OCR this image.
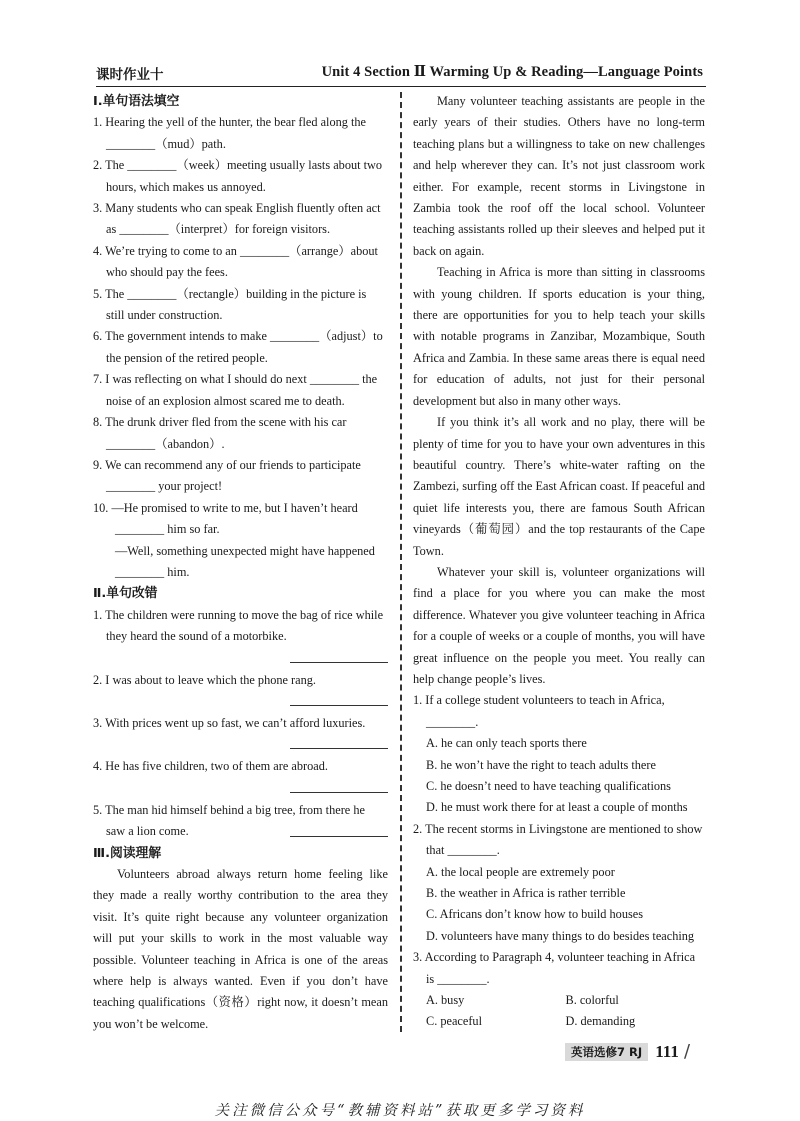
课时作业十	Unit 4 Section Ⅱ Warming Up & Reading—Language Points
Ⅰ.单句语法填空
1. Hearing the yell of the hunter, the bear fled along the
________（mud）path.
2. The ________（week）meeting usually lasts about two
hours, which makes us annoyed.
3. Many students who can speak English fluently often act
as ________（interpret）for foreign visitors.
4. We’re trying to come to an ________（arrange）about
who should pay the fees.
5. The ________（rectangle）building in the picture is
still under construction.
6. The government intends to make ________（adjust）to
the pension of the retired people.
7. I was reflecting on what I should do next ________ the
noise of an explosion almost scared me to death.
8. The drunk driver fled from the scene with his car
________（abandon）.
9. We can recommend any of our friends to participate
________ your project!
10. —He promised to write to me, but I haven’t heard
________ him so far.
—Well, something unexpected might have happened
________ him.
Ⅱ.单句改错
1. The children were running to move the bag of rice while
they heard the sound of a motorbike.
2. I was about to leave which the phone rang.
3. With prices went up so fast, we can’t afford luxuries.
4. He has five children, two of them are abroad.
5. The man hid himself behind a big tree, from there he
saw a lion come.
Ⅲ.阅读理解
Volunteers abroad always return home feeling like they made a really worthy contribution to the area they visit. It’s quite right because any volunteer organization will put your skills to work in the most valuable way possible. Volunteer teaching in Africa is one of the areas where help is always wanted. Even if you don’t have teaching qualifications（资格）right now, it doesn’t mean you won’t be welcome.
Many volunteer teaching assistants are people in the early years of their studies. Others have no long-term teaching plans but a willingness to take on new challenges and help wherever they can. It’s not just classroom work either. For example, recent storms in Livingstone in Zambia took the roof off the local school. Volunteer teaching assistants rolled up their sleeves and helped put it back on again.
Teaching in Africa is more than sitting in classrooms with young children. If sports education is your thing, there are opportunities for you to help teach your skills with notable programs in Zanzibar, Mozambique, South Africa and Zambia. In these same areas there is equal need for education of adults, not just for their personal development but also in many other ways.
If you think it’s all work and no play, there will be plenty of time for you to have your own adventures in this beautiful country. There’s white-water rafting on the Zambezi, surfing off the East African coast. If peaceful and quiet life interests you, there are famous South African vineyards（葡萄园）and the top restaurants of the Cape Town.
Whatever your skill is, volunteer organizations will find a place for you where you can make the most difference. Whatever you give volunteer teaching in Africa for a couple of weeks or a couple of months, you will have great influence on the people you meet. You really can help change people’s lives.
1. If a college student volunteers to teach in Africa,
________.
A. he can only teach sports there
B. he won’t have the right to teach adults there
C. he doesn’t need to have teaching qualifications
D. he must work there for at least a couple of months
2. The recent storms in Livingstone are mentioned to show
that ________.
A. the local people are extremely poor
B. the weather in Africa is rather terrible
C. Africans don’t know how to build houses
D. volunteers have many things to do besides teaching
3. According to Paragraph 4, volunteer teaching in Africa
is ________.
A. busy	B. colorful
C. peaceful	D. demanding
英语选修7 RJ 111 /
关注微信公众号“教辅资料站”获取更多学习资料
